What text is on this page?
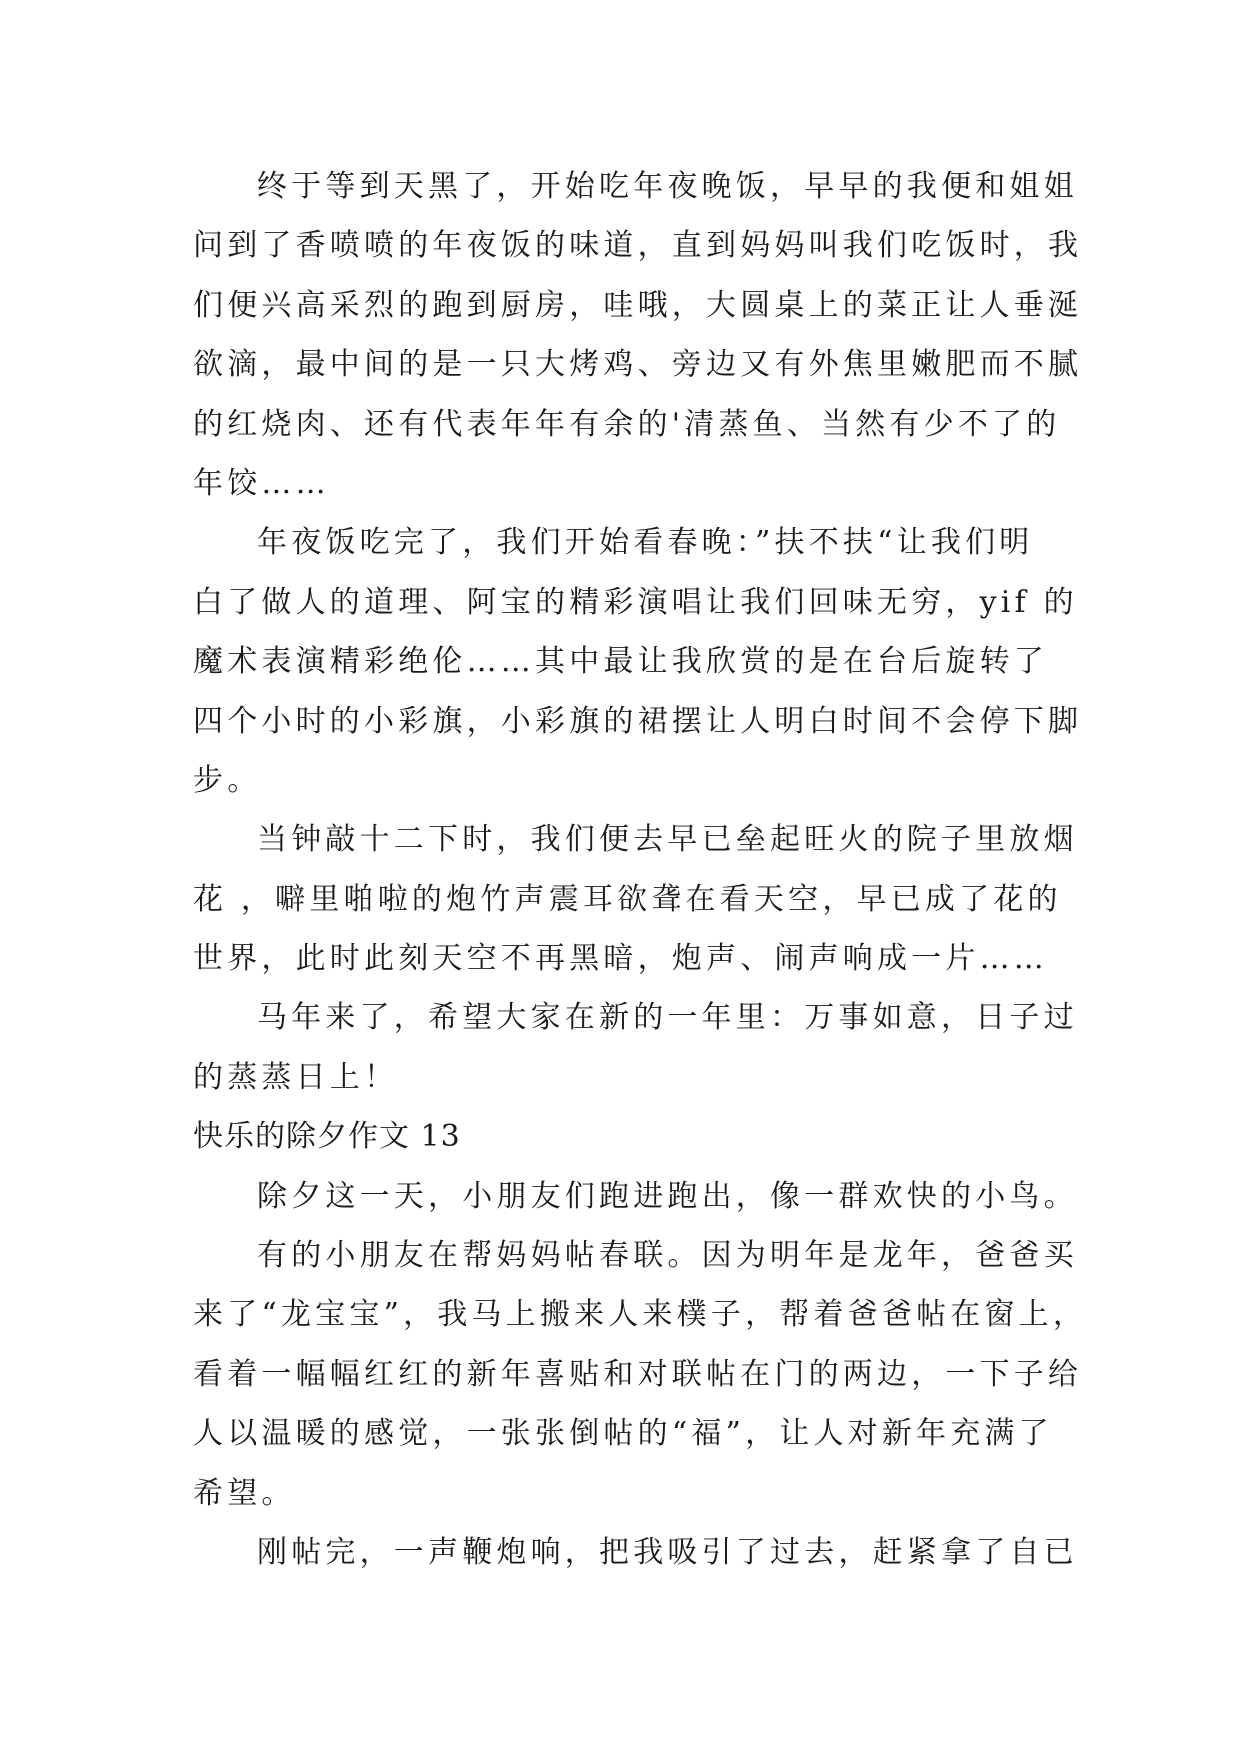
终于等到天黑了，开始吃年夜晚饭，早早的我便和姐姐
问到了香喷喷的年夜饭的味道，直到妈妈叫我们吃饭时，我
们便兴高采烈的跑到厨房，哇哦，大圆桌上的菜正让人垂涎
欲滴，最中间的是一只大烤鸡、旁边又有外焦里嫩肥而不腻
的红烧肉、还有代表年年有余的'清蒸鱼、当然有少不了的
年饺……
年夜饭吃完了，我们开始看春晚：”扶不扶“让我们明
白了做人的道理、阿宝的精彩演唱让我们回味无穷，yif 的
魔术表演精彩绝伦……其中最让我欣赏的是在台后旋转了
四个小时的小彩旗，小彩旗的裙摆让人明白时间不会停下脚
步。
当钟敲十二下时，我们便去早已垒起旺火的院子里放烟
花 ，噼里啪啦的炮竹声震耳欲聋在看天空，早已成了花的
世界，此时此刻天空不再黑暗，炮声、闹声响成一片……
马年来了，希望大家在新的一年里：万事如意，日子过
的蒸蒸日上！
快乐的除夕作文 13
除夕这一天，小朋友们跑进跑出，像一群欢快的小鸟。
有的小朋友在帮妈妈帖春联。因为明年是龙年，爸爸买
来了“龙宝宝”，我马上搬来人来樸子，帮着爸爸帖在窗上，
看着一幅幅红红的新年喜贴和对联帖在门的两边，一下子给
人以温暖的感觉，一张张倒帖的“福”，让人对新年充满了
希望。
刚帖完，一声鞭炮响，把我吸引了过去，赶紧拿了自已
